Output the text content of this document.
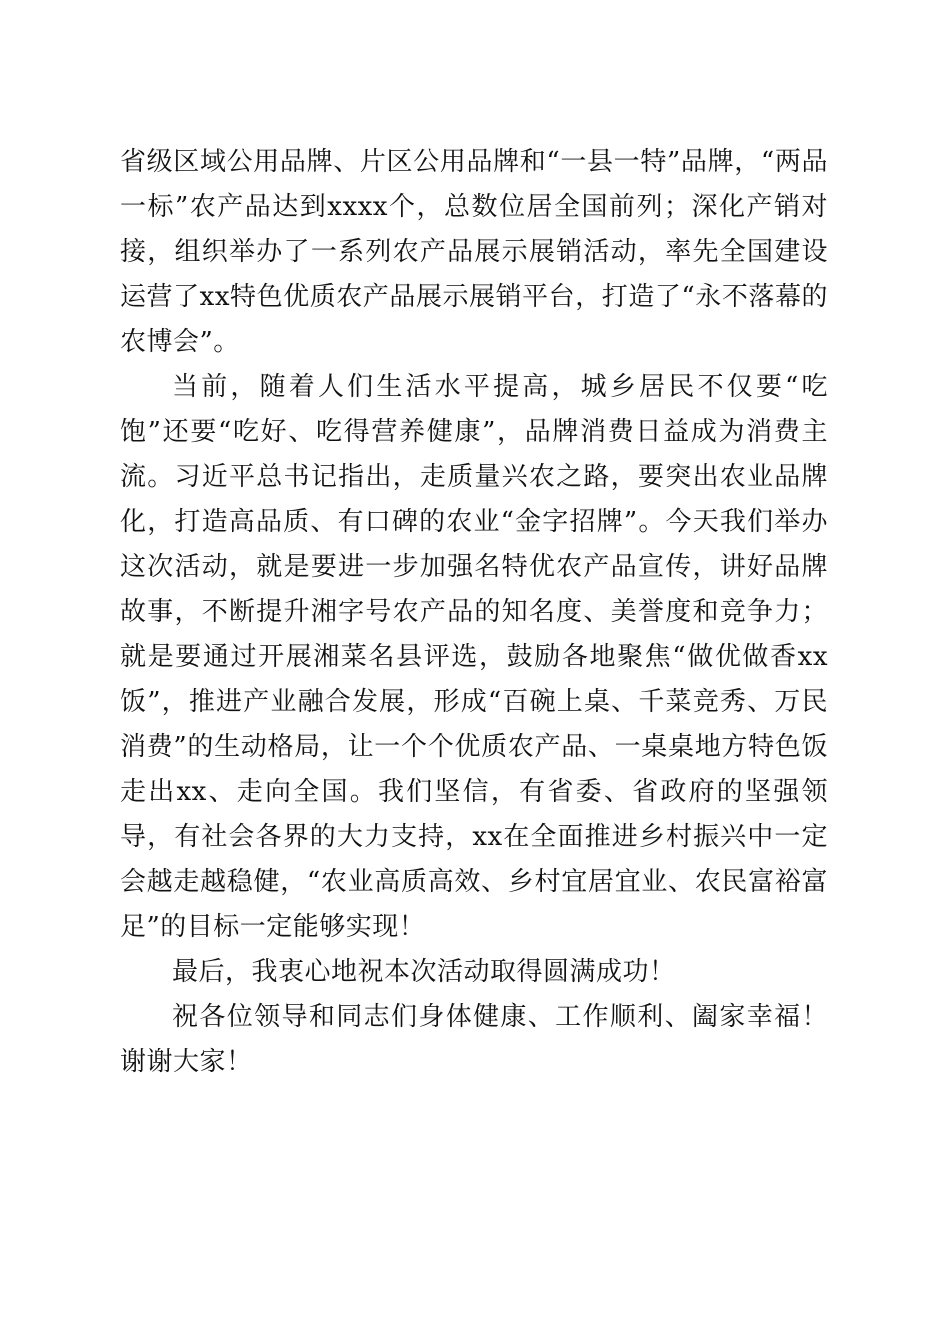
省级区域公用品牌、片区公用品牌和“一县一特”品牌，“两品一标”农产品达到xxxx个，总数位居全国前列；深化产销对接，组织举办了一系列农产品展示展销活动，率先全国建设运营了xx特色优质农产品展示展销平台，打造了“永不落幕的农博会”。

当前，随着人们生活水平提高，城乡居民不仅要“吃饱”还要“吃好、吃得营养健康”，品牌消费日益成为消费主流。习近平总书记指出，走质量兴农之路，要突出农业品牌化，打造高品质、有口碑的农业“金字招牌”。今天我们举办这次活动，就是要进一步加强名特优农产品宣传，讲好品牌故事，不断提升湘字号农产品的知名度、美誉度和竞争力；就是要通过开展湘菜名县评选，鼓励各地聚焦“做优做香xx饭”，推进产业融合发展，形成“百碗上桌、千菜竞秀、万民消费”的生动格局，让一个个优质农产品、一桌桌地方特色饭走出xx、走向全国。我们坚信，有省委、省政府的坚强领导，有社会各界的大力支持，xx在全面推进乡村振兴中一定会越走越稳健，“农业高质高效、乡村宜居宜业、农民富裕富足”的目标一定能够实现！

最后，我衷心地祝本次活动取得圆满成功！

祝各位领导和同志们身体健康、工作顺利、阖家幸福！谢谢大家！
